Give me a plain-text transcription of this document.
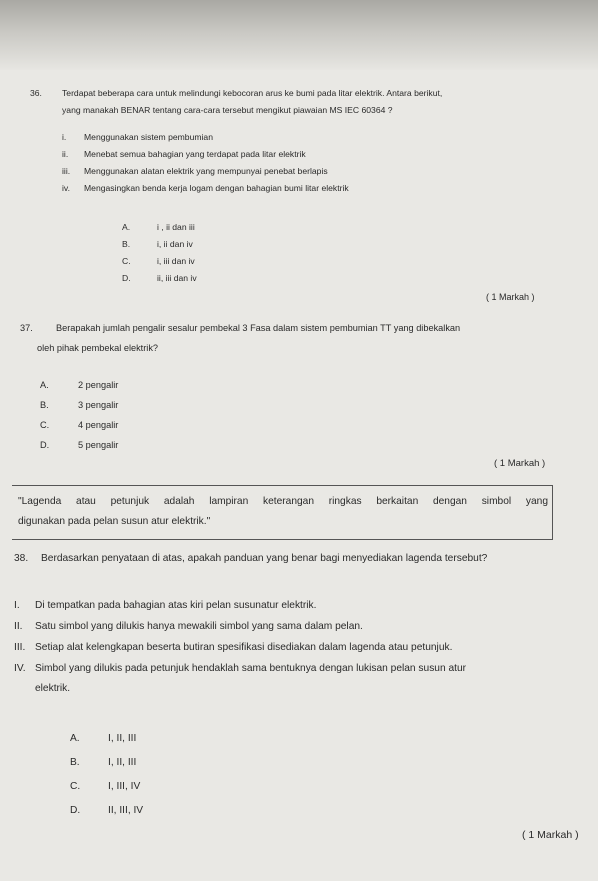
36. Terdapat beberapa cara untuk melindungi kebocoran arus ke bumi pada litar elektrik. Antara berikut,
yang manakah BENAR tentang cara-cara tersebut mengikut piawaian MS IEC 60364 ?
i. Menggunakan sistem pembumian
ii. Menebat semua bahagian yang terdapat pada litar elektrik
iii. Menggunakan alatan elektrik yang mempunyai penebat berlapis
iv. Mengasingkan benda kerja logam dengan bahagian bumi litar elektrik
A.	i , ii dan iii
B.	i, ii dan iv
C.	i, iii dan iv
D.	ii, iii dan iv
( 1 Markah )
37.	Berapakah jumlah pengalir sesalur pembekal 3 Fasa dalam sistem pembumian TT yang dibekalkan
oleh pihak pembekal elektrik?
A.	2 pengalir
B.	3 pengalir
C.	4 pengalir
D.	5 pengalir
( 1 Markah )

"Lagenda atau petunjuk adalah lampiran keterangan ringkas berkaitan dengan simbol yang

digunakan pada pelan susun atur elektrik."

38. Berdasarkan penyataan di atas, apakah panduan yang benar bagi menyediakan lagenda tersebut?
I. Di tempatkan pada bahagian atas kiri pelan susunatur elektrik.
II. Satu simbol yang dilukis hanya mewakili simbol yang sama dalam pelan.
III. Setiap alat kelengkapan beserta butiran spesifikasi disediakan dalam lagenda atau petunjuk.
IV. Simbol yang dilukis pada petunjuk hendaklah sama bentuknya dengan lukisan pelan susun atur
elektrik.
A.	I, II, III
B.	I, II, III
C.	I, III, IV
D.	II, III, IV
( 1 Markah )
